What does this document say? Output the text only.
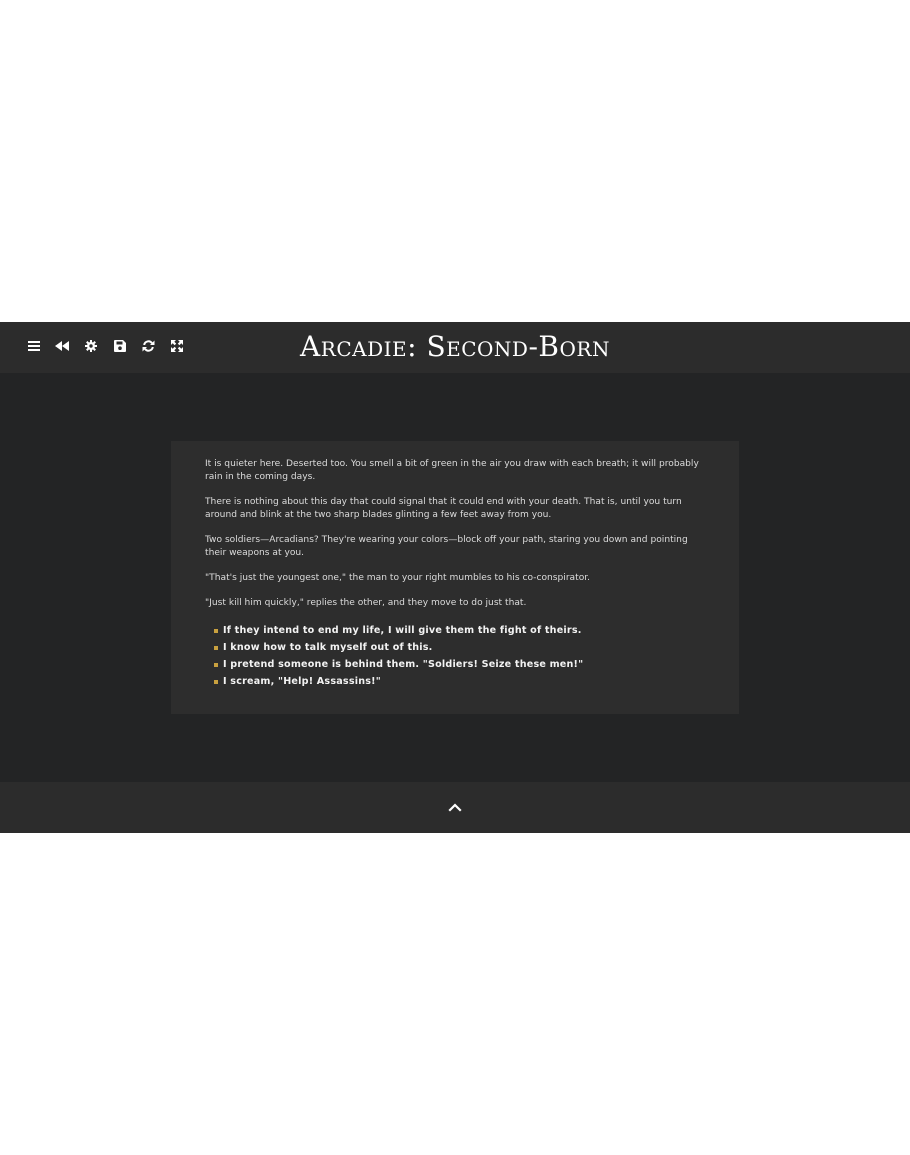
Arcadie: Second-Born

It is quieter here. Deserted too. You smell a bit of green in the air you draw with each breath; it will probably rain in the coming days.

There is nothing about this day that could signal that it could end with your death. That is, until you turn around and blink at the two sharp blades glinting a few feet away from you.

Two soldiers—Arcadians? They're wearing your colors—block off your path, staring you down and pointing their weapons at you.

"That's just the youngest one," the man to your right mumbles to his co-conspirator.

"Just kill him quickly," replies the other, and they move to do just that.

If they intend to end my life, I will give them the fight of theirs.
I know how to talk myself out of this.
I pretend someone is behind them. "Soldiers! Seize these men!"
I scream, "Help! Assassins!"
